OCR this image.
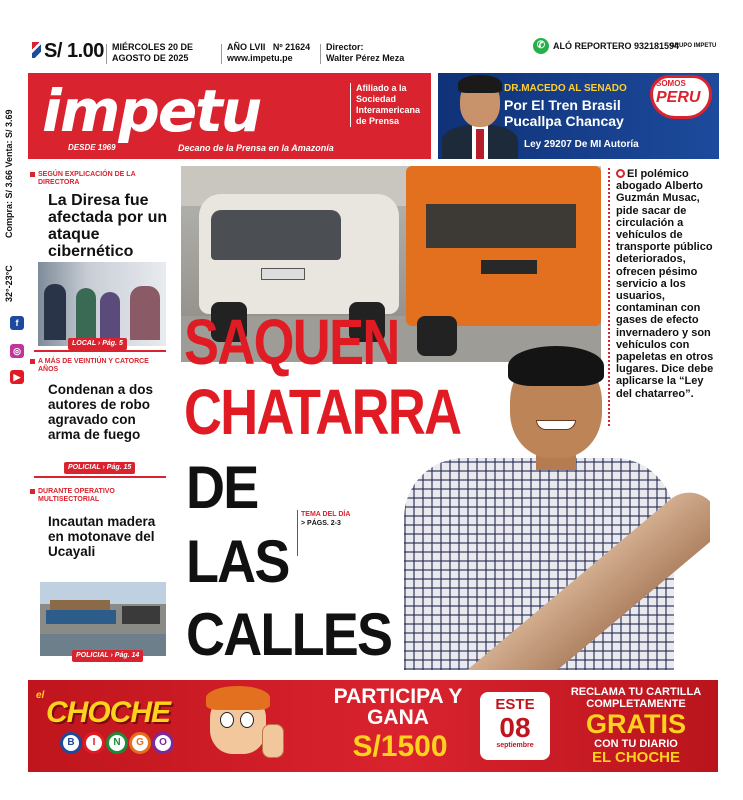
Compra: S/ 3.66 Venta: S/ 3.69
32°-23°C
f
◎
▶
S/ 1.00 MIÉRCOLES 20 DE
AGOSTO DE 2025
AÑO LVII   Nº 21624
www.impetu.pe
Director:
Walter Pérez Meza
✆ ALÓ REPORTERO 932181594
GRUPO IMPETU
impetu
DESDE 1969	Decano de la Prensa en la Amazonía
Afiliado a la Sociedad Interamericana de Prensa
DR.MACEDO AL SENADO
Por El Tren Brasil
Pucallpa Chancay
Ley 29207 De MI Autoría
SOMOS
PERU
SEGÚN EXPLICACIÓN DE LA DIRECTORA
La Diresa fue afectada por un ataque cibernético
LOCAL › Pág. 5
A MÁS DE VEINTIÚN Y CATORCE AÑOS
Condenan a dos autores de robo agravado con arma de fuego
POLICIAL › Pág. 15
DURANTE OPERATIVO MULTISECTORIAL
Incautan madera en motonave del Ucayali
POLICIAL › Pág. 14
SAQUEN
CHATARRA
DE
LAS
CALLES
TEMA DEL DÍA
> PÁGS. 2-3
El polémico abogado Alberto Guzmán Musac, pide sacar de circulación a vehículos de transporte público deteriorados, ofrecen pésimo servicio a los usuarios, contaminan con gases de efecto invernadero y son vehículos con papeletas en otros lugares. Dice debe aplicarse la “Ley del chatarreo”.
el
CHOCHE
B	I	N	G	O
PARTICIPA Y GANA
S/1500
ESTE
08
septiembre
RECLAMA TU CARTILLA COMPLETAMENTE
GRATIS
CON TU DIARIO
EL CHOCHE
